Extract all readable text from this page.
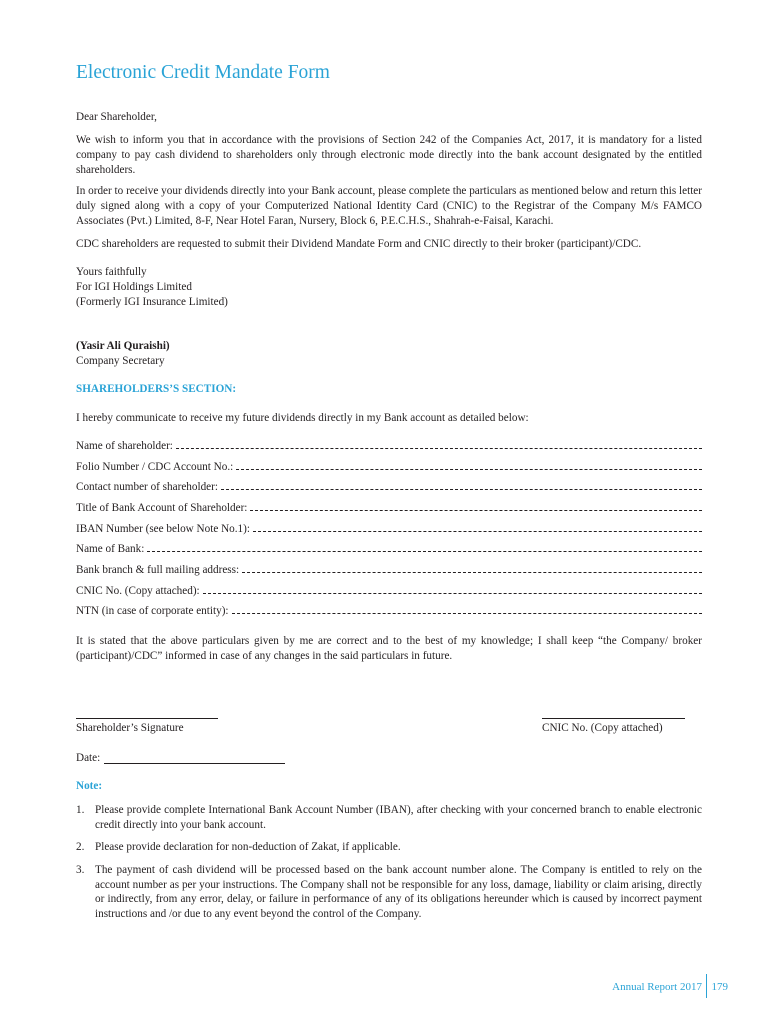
Electronic Credit Mandate Form
Dear Shareholder,

We wish to inform you that in accordance with the provisions of Section 242 of the Companies Act, 2017, it is mandatory for a listed company to pay cash dividend to shareholders only through electronic mode directly into the bank account designated by the entitled shareholders.

In order to receive your dividends directly into your Bank account, please complete the particulars as mentioned below and return this letter duly signed along with a copy of your Computerized National Identity Card (CNIC) to the Registrar of the Company M/s FAMCO Associates (Pvt.) Limited, 8-F, Near Hotel Faran, Nursery, Block 6, P.E.C.H.S., Shahrah-e-Faisal, Karachi.

CDC shareholders are requested to submit their Dividend Mandate Form and CNIC directly to their broker (participant)/CDC.

Yours faithfully
For IGI Holdings Limited
(Formerly IGI Insurance Limited)
(Yasir Ali Quraishi)
Company Secretary
SHAREHOLDERS’S SECTION:
I hereby communicate to receive my future dividends directly in my Bank account as detailed below:
Name of shareholder:
Folio Number / CDC Account No.:
Contact number of shareholder:
Title of Bank Account of Shareholder:
IBAN Number (see below Note No.1):
Name of Bank:
Bank branch & full mailing address:
CNIC No. (Copy attached):
NTN (in case of corporate entity):

It is stated that the above particulars given by me are correct and to the best of my knowledge; I shall keep “the Company/ broker (participant)/CDC” informed in case of any changes in the said particulars in future.

Shareholder’s Signature	CNIC No. (Copy attached)
Date:
Note:
1. Please provide complete International Bank Account Number (IBAN), after checking with your concerned branch to enable electronic credit directly into your bank account.
2. Please provide declaration for non-deduction of Zakat, if applicable.
3. The payment of cash dividend will be processed based on the bank account number alone. The Company is entitled to rely on the account number as per your instructions. The Company shall not be responsible for any loss, damage, liability or claim arising, directly or indirectly, from any error, delay, or failure in performance of any of its obligations hereunder which is caused by incorrect payment instructions and /or due to any event beyond the control of the Company.
Annual Report 2017 179
